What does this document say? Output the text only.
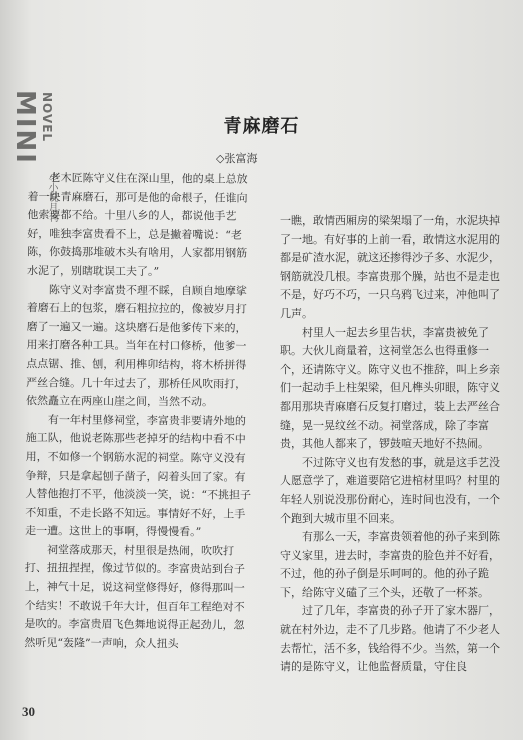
MINI NOVEL
小小说月刊
青麻磨石
◇张富海

老木匠陈守义住在深山里，他的桌上总放着一块青麻磨石，那可是他的命根子，任谁向他索要都不给。十里八乡的人，都说他手艺好，唯独李富贵看不上，总是撇着嘴说：“老陈，你鼓捣那堆破木头有啥用，人家都用钢筋水泥了，别瞎耽误工夫了。”

陈守义对李富贵不理不睬，自顾自地摩挲着磨石上的包浆，磨石粗拉拉的，像被岁月打磨了一遍又一遍。这块磨石是他爹传下来的，用来打磨各种工具。当年在村口修桥，他爹一点点锯、推、刨，利用榫卯结构，将木桥拼得严丝合缝。几十年过去了，那桥任风吹雨打，依然矗立在两座山崖之间，当然不动。

有一年村里修祠堂，李富贵非要请外地的施工队，他说老陈那些老掉牙的结构中看不中用，不如修一个钢筋水泥的祠堂。陈守义没有争辩，只是拿起刨子凿子，闷着头回了家。有人替他抱打不平，他淡淡一笑，说：“不挑担子不知重，不走长路不知远。事情好不好，上手走一遭。这世上的事啊，得慢慢看。”

祠堂落成那天，村里很是热闹，吹吹打打、扭扭捏捏，像过节似的。李富贵站到台子上，神气十足，说这祠堂修得好，修得那叫一个结实！不敢说千年大计，但百年工程绝对不是吹的。李富贵眉飞色舞地说得正起劲儿，忽然听见“轰隆”一声响，众人扭头

一瞧，敢情西厢房的梁架塌了一角，水泥块掉了一地。有好事的上前一看，敢情这水泥用的都是矿渣水泥，就这还掺得沙子多、水泥少，钢筋就没几根。李富贵那个臊，站也不是走也不是，好巧不巧，一只乌鸦飞过来，冲他叫了几声。

村里人一起去乡里告状，李富贵被免了职。大伙儿商量着，这祠堂怎么也得重修一个，还请陈守义。陈守义也不推辞，叫上乡亲们一起动手上柱架梁，但凡榫头卯眼，陈守义都用那块青麻磨石反复打磨过，装上去严丝合缝，晃一晃纹丝不动。祠堂落成，除了李富贵，其他人都来了，锣鼓喧天地好不热闹。

不过陈守义也有发愁的事，就是这手艺没人愿意学了，难道要陪它进棺材里吗？村里的年轻人别说没那份耐心，连时间也没有，一个个跑到大城市里不回来。

有那么一天，李富贵领着他的孙子来到陈守义家里，进去时，李富贵的脸色并不好看，不过，他的孙子倒是乐呵呵的。他的孙子跪下，给陈守义磕了三个头，还敬了一杯茶。

过了几年，李富贵的孙子开了家木器厂，就在村外边，走不了几步路。他请了不少老人去帮忙，活不多，钱给得不少。当然，第一个请的是陈守义，让他监督质量，守住良

30
